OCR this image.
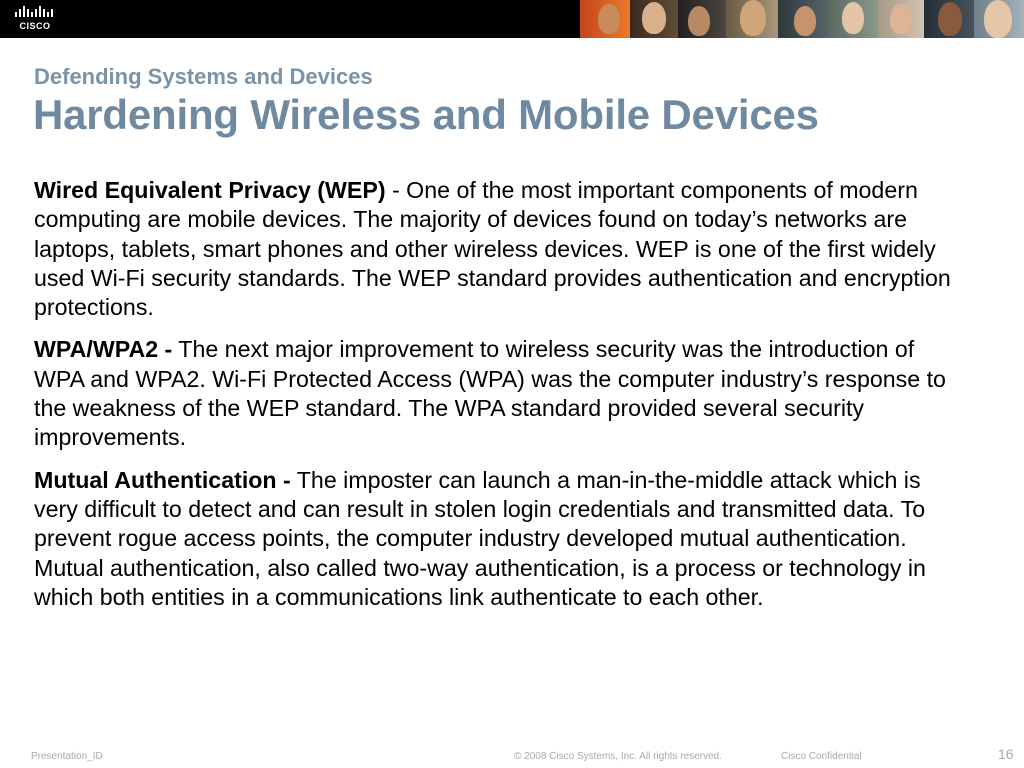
CISCO
Defending Systems and Devices
Hardening Wireless and Mobile Devices

Wired Equivalent Privacy (WEP) - One of the most important components of modern computing are mobile devices. The majority of devices found on today’s networks are laptops, tablets, smart phones and other wireless devices. WEP is one of the first widely used Wi-Fi security standards. The WEP standard provides authentication and encryption protections.

WPA/WPA2 - The next major improvement to wireless security was the introduction of WPA and WPA2. Wi-Fi Protected Access (WPA) was the computer industry’s response to the weakness of the WEP standard. The WPA standard provided several security improvements.

Mutual Authentication - The imposter can launch a man-in-the-middle attack which is very difficult to detect and can result in stolen login credentials and transmitted data. To prevent rogue access points, the computer industry developed mutual authentication. Mutual authentication, also called two-way authentication, is a process or technology in which both entities in a communications link authenticate to each other.

Presentation_ID	© 2008 Cisco Systems, Inc. All rights reserved.	Cisco Confidential	16
